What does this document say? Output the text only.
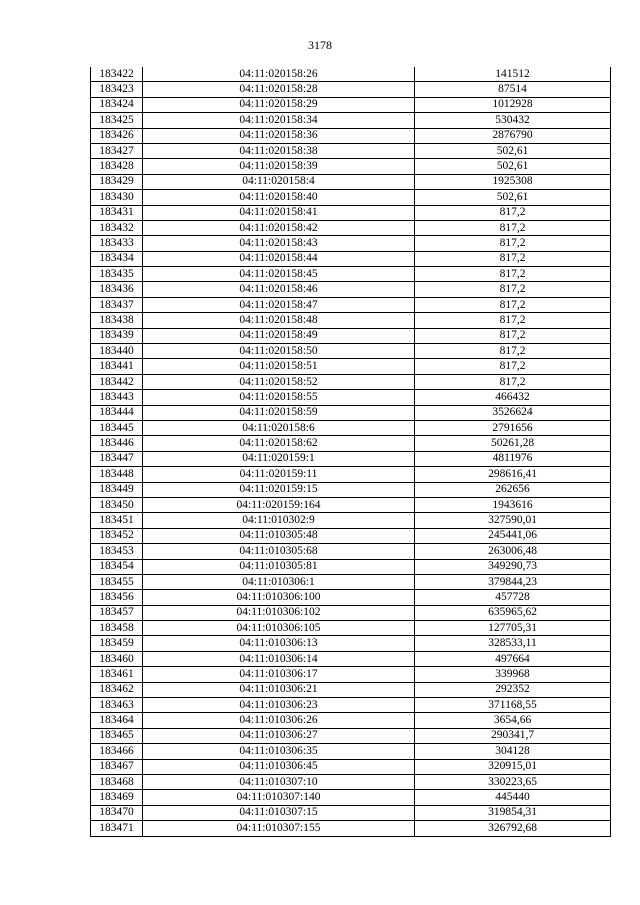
3178
183422	04:11:020158:26	141512
183423	04:11:020158:28	87514
183424	04:11:020158:29	1012928
183425	04:11:020158:34	530432
183426	04:11:020158:36	2876790
183427	04:11:020158:38	502,61
183428	04:11:020158:39	502,61
183429	04:11:020158:4	1925308
183430	04:11:020158:40	502,61
183431	04:11:020158:41	817,2
183432	04:11:020158:42	817,2
183433	04:11:020158:43	817,2
183434	04:11:020158:44	817,2
183435	04:11:020158:45	817,2
183436	04:11:020158:46	817,2
183437	04:11:020158:47	817,2
183438	04:11:020158:48	817,2
183439	04:11:020158:49	817,2
183440	04:11:020158:50	817,2
183441	04:11:020158:51	817,2
183442	04:11:020158:52	817,2
183443	04:11:020158:55	466432
183444	04:11:020158:59	3526624
183445	04:11:020158:6	2791656
183446	04:11:020158:62	50261,28
183447	04:11:020159:1	4811976
183448	04:11:020159:11	298616,41
183449	04:11:020159:15	262656
183450	04:11:020159:164	1943616
183451	04:11:010302:9	327590,01
183452	04:11:010305:48	245441,06
183453	04:11:010305:68	263006,48
183454	04:11:010305:81	349290,73
183455	04:11:010306:1	379844,23
183456	04:11:010306:100	457728
183457	04:11:010306:102	635965,62
183458	04:11:010306:105	127705,31
183459	04:11:010306:13	328533,11
183460	04:11:010306:14	497664
183461	04:11:010306:17	339968
183462	04:11:010306:21	292352
183463	04:11:010306:23	371168,55
183464	04:11:010306:26	3654,66
183465	04:11:010306:27	290341,7
183466	04:11:010306:35	304128
183467	04:11:010306:45	320915,01
183468	04:11:010307:10	330223,65
183469	04:11:010307:140	445440
183470	04:11:010307:15	319854,31
183471	04:11:010307:155	326792,68
